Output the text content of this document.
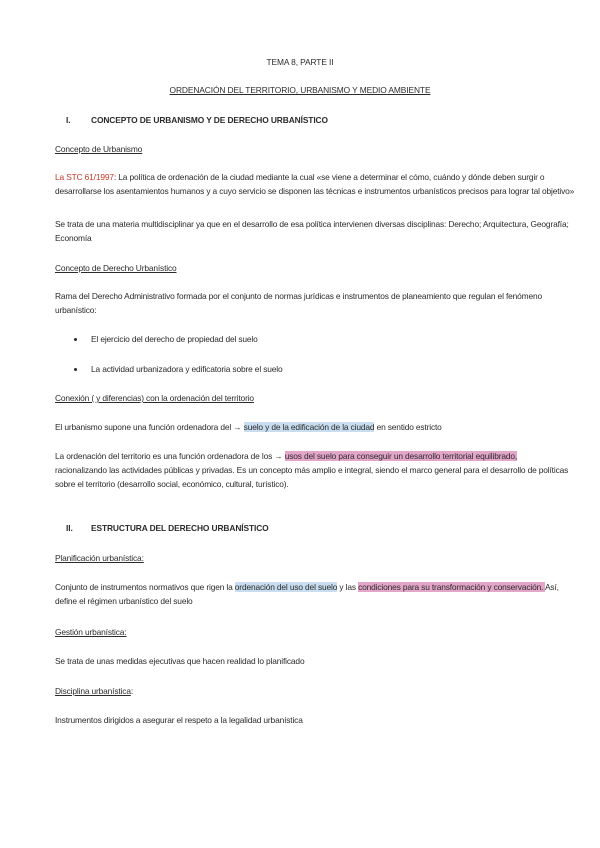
TEMA 8, PARTE II
ORDENACIÓN DEL TERRITORIO, URBANISMO Y MEDIO AMBIENTE
I. CONCEPTO DE URBANISMO Y DE DERECHO URBANÍSTICO
Concepto de Urbanismo
La STC 61/1997: La política de ordenación de la ciudad mediante la cual «se viene a determinar el cómo, cuándo y dónde deben surgir o
desarrollarse los asentamientos humanos y a cuyo servicio se disponen las técnicas e instrumentos urbanísticos precisos para lograr tal objetivo»
Se trata de una materia multidisciplinar ya que en el desarrollo de esa política intervienen diversas disciplinas: Derecho; Arquitectura, Geografía;
Economía
Concepto de Derecho Urbanístico
Rama del Derecho Administrativo formada por el conjunto de normas jurídicas e instrumentos de planeamiento que regulan el fenómeno
urbanístico:
El ejercicio del derecho de propiedad del suelo
La actividad urbanizadora y edificatoria sobre el suelo
Conexión ( y diferencias) con la ordenación del territorio
El urbanismo supone una función ordenadora del → suelo y de la edificación de la ciudad en sentido estricto
La ordenación del territorio es una función ordenadora de los → usos del suelo para conseguir un desarrollo territorial equilibrado,
racionalizando las actividades públicas y privadas. Es un concepto más amplio e integral, siendo el marco general para el desarrollo de políticas
sobre el territorio (desarrollo social, económico, cultural, turístico).
II. ESTRUCTURA DEL DERECHO URBANÍSTICO
Planificación urbanística:
Conjunto de instrumentos normativos que rigen la ordenación del uso del suelo y las condiciones para su transformación y conservación. Así,
define el régimen urbanístico del suelo
Gestión urbanística:
Se trata de unas medidas ejecutivas que hacen realidad lo planificado
Disciplina urbanística:
Instrumentos dirigidos a asegurar el respeto a la legalidad urbanística
